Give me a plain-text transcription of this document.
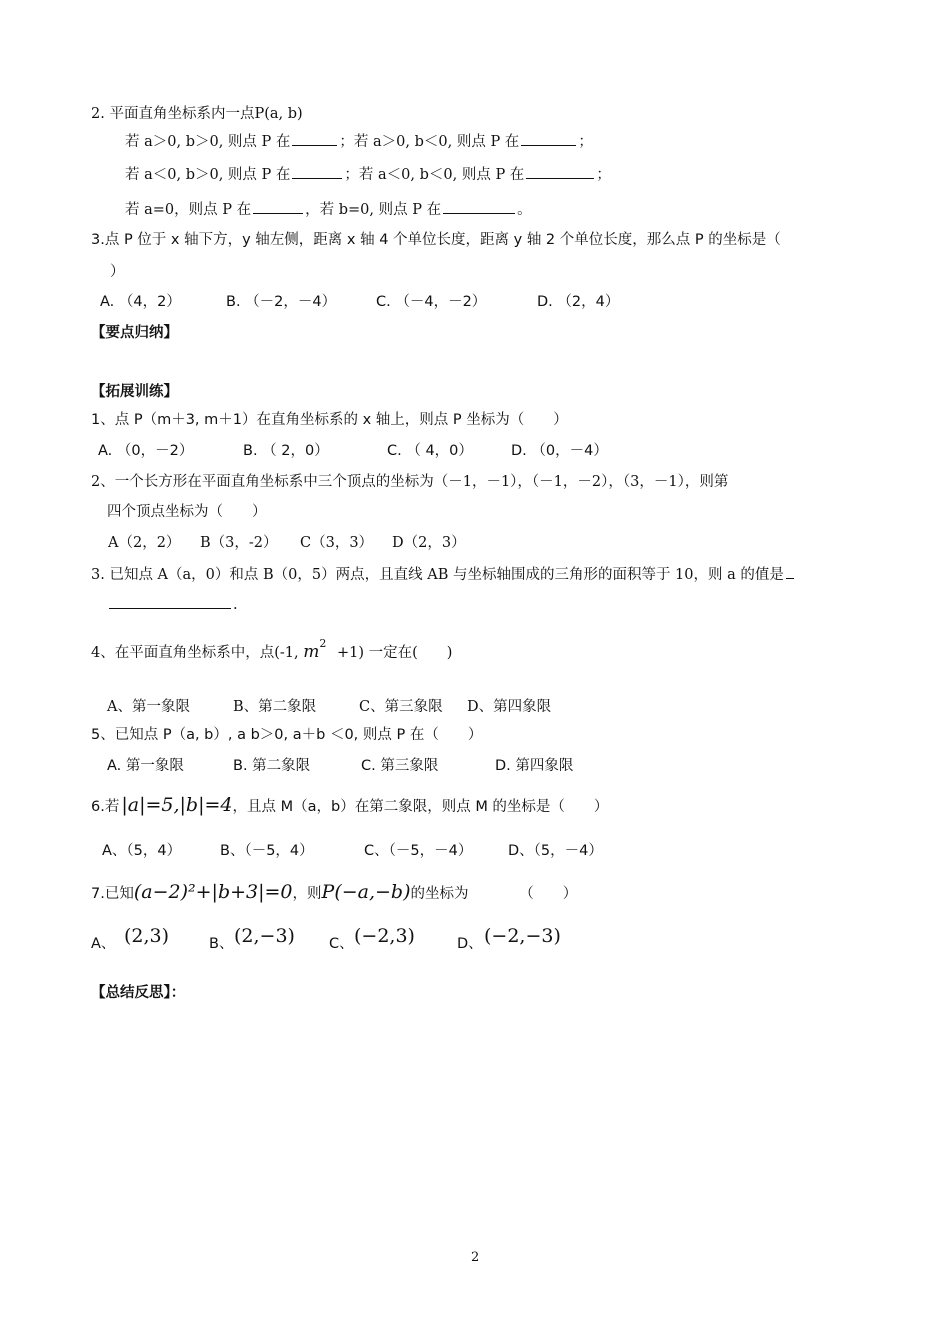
2. 平面直角坐标系内一点P(a, b)
若 a＞0, b＞0, 则点 P 在	；若 a＞0, b＜0, 则点 P 在	；
若 a＜0, b＞0, 则点 P 在	；若 a＜0, b＜0, 则点 P 在	；
若 a=0，则点 P 在	，若 b=0, 则点 P 在	。
3.点 P 位于 x 轴下方，y 轴左侧，距离 x 轴 4 个单位长度，距离 y 轴 2 个单位长度，那么点 P 的坐标是（
）
A. （4，2）	B. （－2，－4）	C. （－4，－2）	D. （2，4）
【要点归纳】
【拓展训练】
1、点 P（m＋3, m＋1）在直角坐标系的 x 轴上，则点 P 坐标为（　　）
A. （0，－2）	B. （ 2，0）	C. （ 4，0）	D. （0，－4）
2、一个长方形在平面直角坐标系中三个顶点的坐标为（－1，－1），（－1，－2），（3，－1），则第
四个顶点坐标为（　　）
A（2，2） B（3，-2） C（3，3） D（2，3）
3. 已知点 A（a，0）和点 B（0，5）两点，且直线 AB 与坐标轴围成的三角形的面积等于 10，则 a 的值是
.
4、在平面直角坐标系中，点(-1, $m^2 +1$) 一定在(　　)
A、第一象限	B、第二象限	C、第三象限 D、第四象限
5、已知点 P（a, b）, a b＞0, a＋b ＜0, 则点 P 在（　　）
A. 第一象限	B. 第二象限	C. 第三象限	D. 第四象限
6.若 |a|=5,|b|=4，且点 M（a，b）在第二象限，则点 M 的坐标是（　　）
A、（5，4）	B、（－5，4）	C、（－5，－4） D、（5，－4）
7.已知(a−2)²+|b+3|=0，则P(−a,−b)的坐标为　　　　（　　）
A、 (2,3)	B、 (2,−3) C、 (−2,3)	D、 (−2,−3)
【总结反思】：
2
